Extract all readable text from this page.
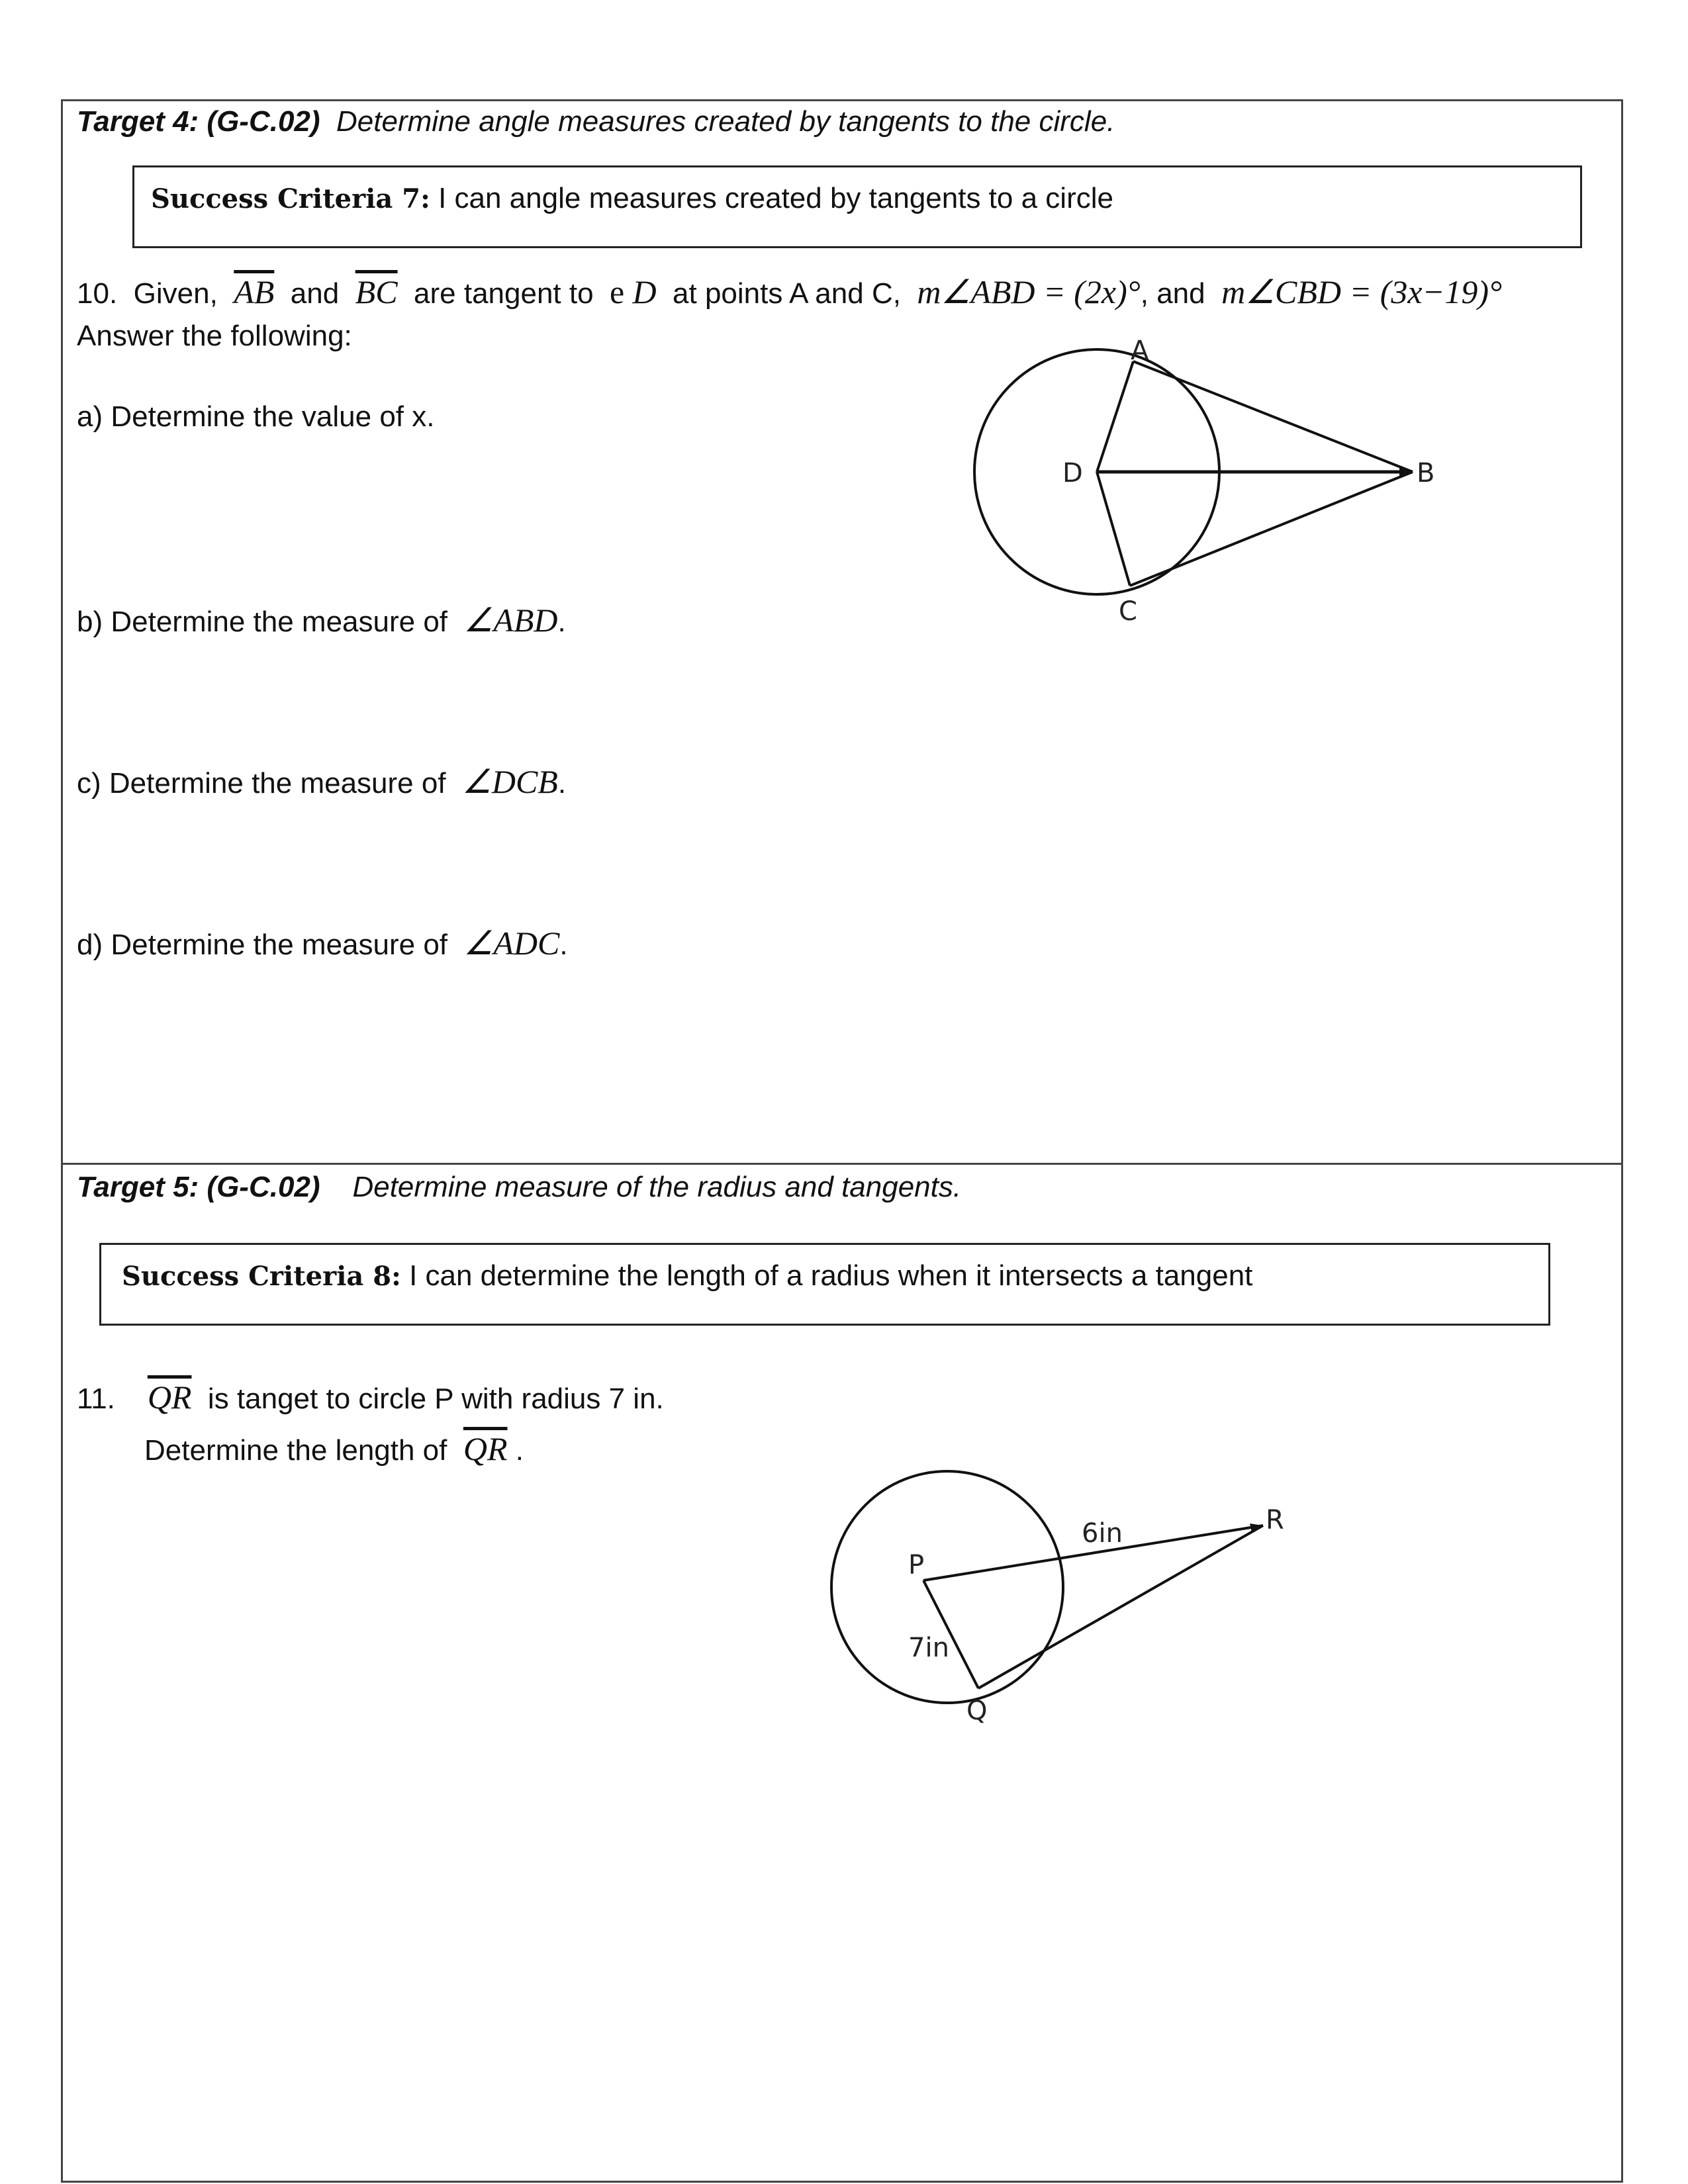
Target 4: (G-C.02) Determine angle measures created by tangents to the circle.
Success Criteria 7: I can angle measures created by tangents to a circle
10. Given, $\overline{AB}$ and $\overline{BC}$ are tangent to e D at points A and C, m∠ABD = (2x)°, and m∠CBD = (3x−19)°
Answer the following:
a) Determine the value of x.
b) Determine the measure of ∠ABD.
c) Determine the measure of ∠DCB.
d) Determine the measure of ∠ADC.
Target 5: (G-C.02) Determine measure of the radius and tangents.
Success Criteria 8: I can determine the length of a radius when it intersects a tangent
11. $\overline{QR}$ is tanget to circle P with radius 7 in.
Determine the length of $\overline{QR}$ .
A
B
C
D
P
Q
R
6in
7in
